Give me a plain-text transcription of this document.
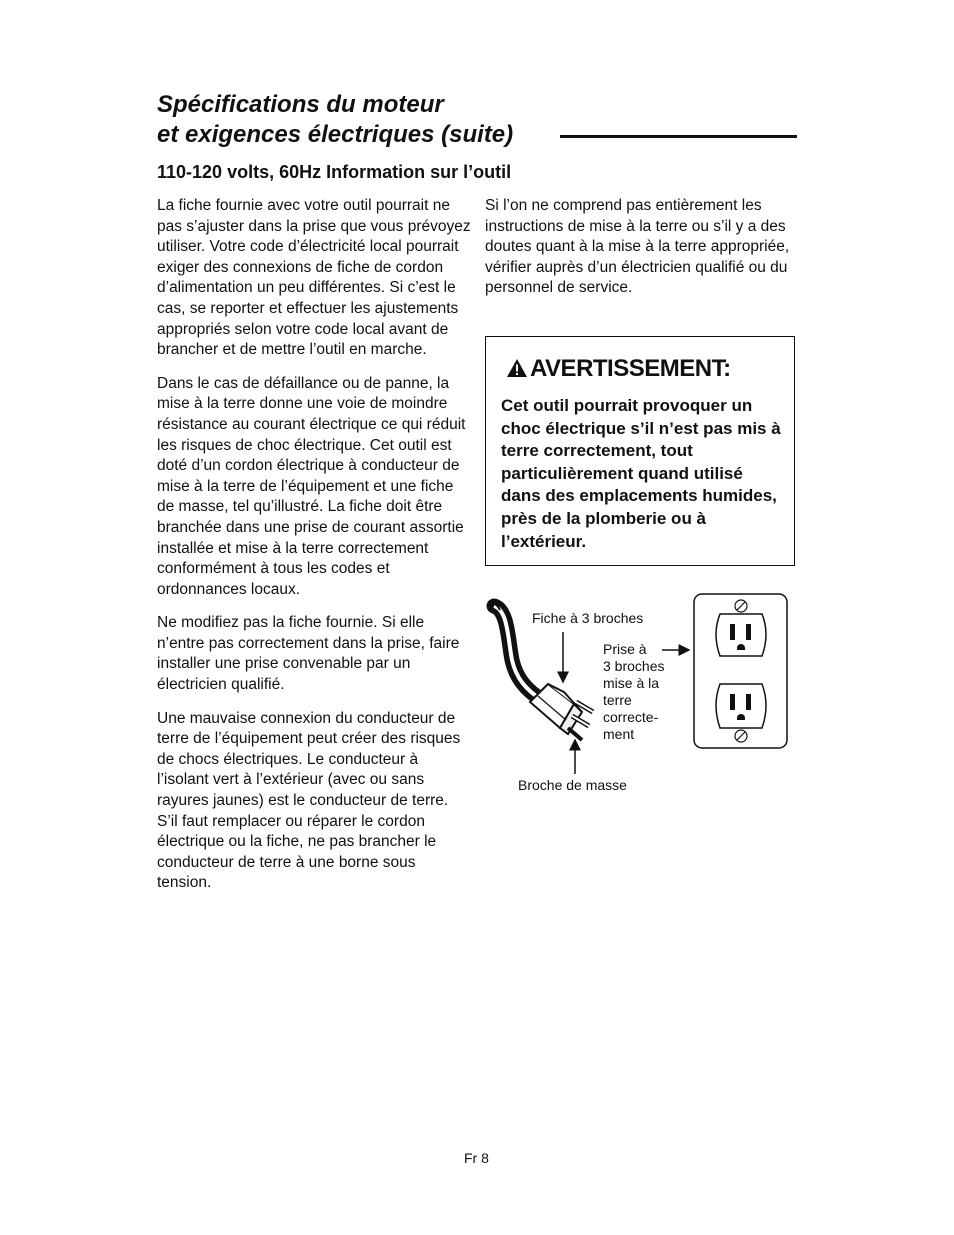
Spécifications du moteur
et exigences électriques (suite)
110-120 volts, 60Hz Information sur l’outil

La fiche fournie avec votre outil pourrait ne pas s’ajuster dans la prise que vous prévoyez utiliser. Votre code d’électricité local pourrait exiger des connexions de fiche de cordon d’alimentation un peu différentes. Si c’est le cas, se reporter et effectuer les ajustements appropriés selon votre code local avant de brancher et de mettre l’outil en marche.

Dans le cas de défaillance ou de panne, la mise à la terre donne une voie de moindre résistance au courant électrique ce qui réduit les risques de choc électrique. Cet outil est doté d’un cordon électrique à conducteur de mise à la terre de l’équipement et une fiche de masse, tel qu’illustré. La fiche doit être branchée dans une prise de courant assortie installée et mise à la terre correctement conformément à tous les codes et ordonnances locaux.

Ne modifiez pas la fiche fournie. Si elle n’entre pas correctement dans la prise, faire installer une prise convenable par un électricien qualifié.

Une mauvaise connexion du conducteur de terre de l’équipement peut créer des risques de chocs électriques. Le conducteur à l’isolant vert à l’extérieur (avec ou sans rayures jaunes) est le conducteur de terre. S’il faut remplacer ou réparer le cordon électrique ou la fiche, ne pas brancher le conducteur de terre à une borne sous tension.

Si l’on ne comprend pas entièrement les instructions de mise à la terre ou s’il y a des doutes quant à la mise à la terre appropriée, vérifier auprès d’un électricien qualifié ou du personnel de service.

AVERTISSEMENT:
Cet outil pourrait provoquer un choc électrique s’il n’est pas mis à terre correctement, tout particulièrement quand utilisé dans des emplacements humides, près de la plomberie ou à l’extérieur.
Fiche à 3 broches
Prise à
3 broches
mise à la
terre
correcte-
ment
Broche de masse
Fr 8
